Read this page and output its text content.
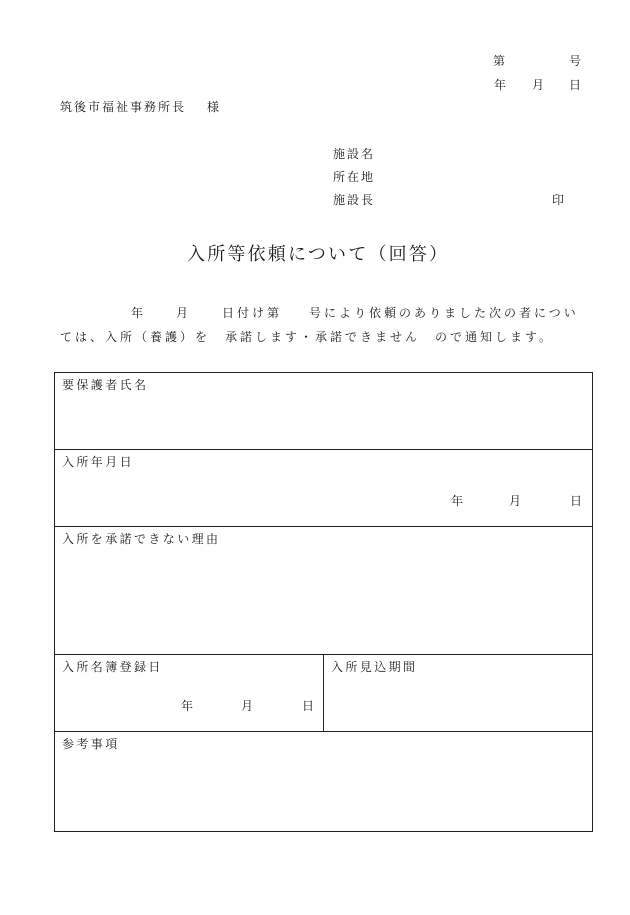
第	号
年 月 日
筑後市福祉事務所長 様
施設名
所在地
施設長	印
入所等依頼について（回答）
年	月	日付け第 号により依頼のありました次の者につい
ては、入所（養護）を　承諾します・承諾できません　ので通知します。
要保護者氏名
入所年月日
年	月	日
入所を承諾できない理由
入所名簿登録日
年	月	日
入所見込期間
参考事項
